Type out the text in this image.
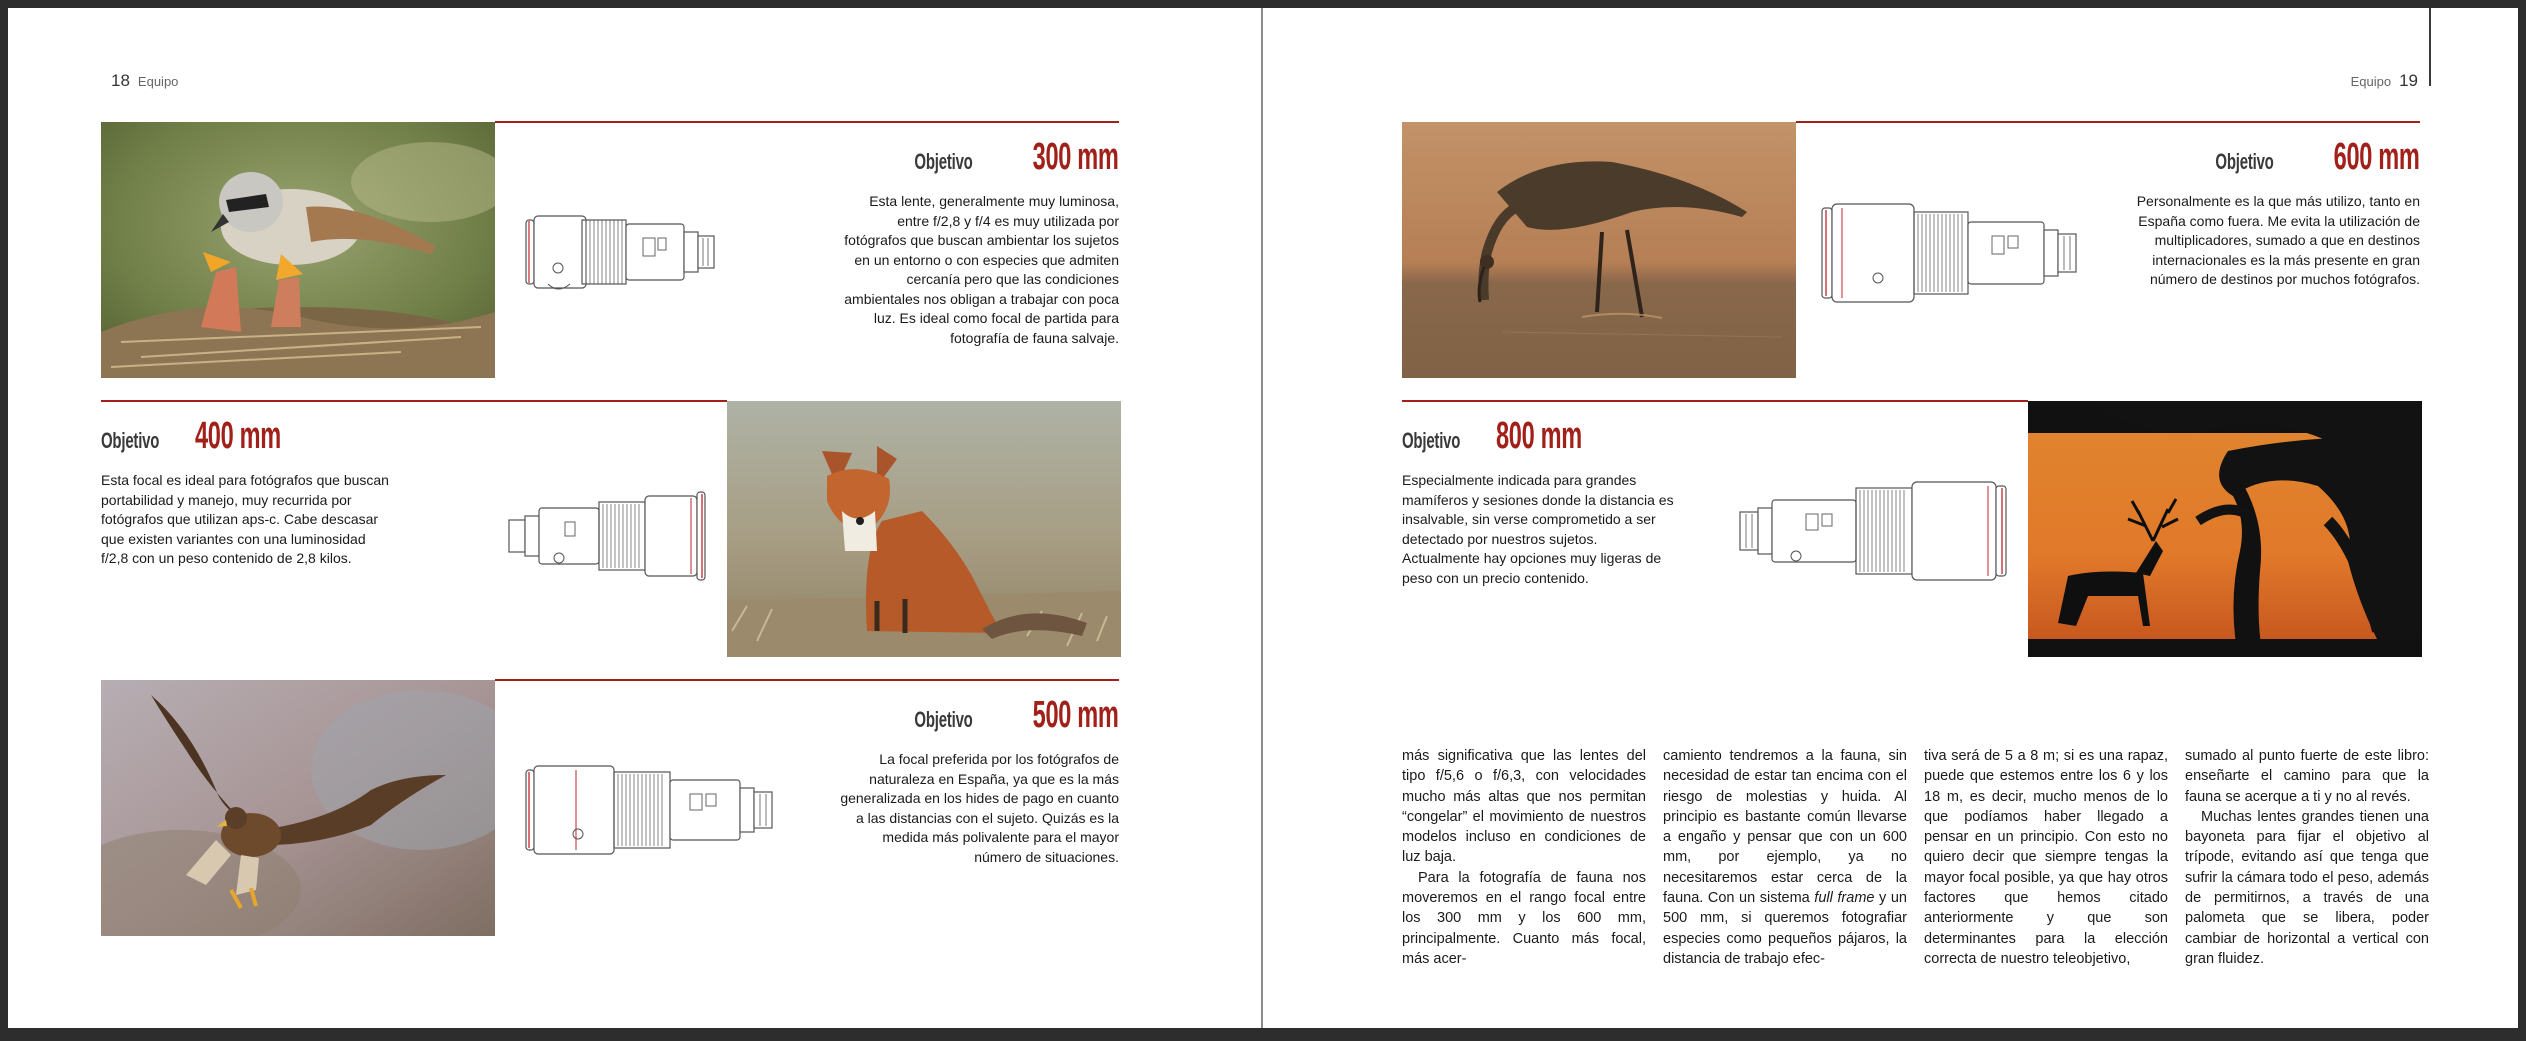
18 Equipo
Objetivo 300 mm
Esta lente, generalmente muy luminosa, entre f/2,8 y f/4 es muy utilizada por fotógrafos que buscan ambientar los sujetos en un entorno o con especies que admiten cercanía pero que las condiciones ambientales nos obligan a trabajar con poca luz. Es ideal como focal de partida para fotografía de fauna salvaje.
Objetivo 400 mm
Esta focal es ideal para fotógrafos que buscan portabilidad y manejo, muy recurrida por fotógrafos que utilizan aps-c. Cabe descasar que existen variantes con una luminosidad f/2,8 con un peso contenido de 2,8 kilos.
Objetivo 500 mm
La focal preferida por los fotógrafos de naturaleza en España, ya que es la más generalizada en los hides de pago en cuanto a las distancias con el sujeto. Quizás es la medida más polivalente para el mayor número de situaciones.
Equipo 19
Objetivo 600 mm
Personalmente es la que más utilizo, tanto en España como fuera. Me evita la utilización de multiplicadores, sumado a que en destinos internacionales es la más presente en gran número de destinos por muchos fotógrafos.
Objetivo 800 mm
Especialmente indicada para grandes mamíferos y sesiones donde la distancia es insalvable, sin verse comprometido a ser detectado por nuestros sujetos. Actualmente hay opciones muy ligeras de peso con un precio contenido.

más significativa que las lentes del tipo f/5,6 o f/6,3, con velocidades mucho más altas que nos permitan “congelar” el movimiento de nuestros modelos incluso en condiciones de luz baja.

Para la fotografía de fauna nos moveremos en el rango focal entre los 300 mm y los 600 mm, principalmente. Cuanto más focal, más acer-

camiento tendremos a la fauna, sin necesidad de estar tan encima con el riesgo de molestias y huida. Al principio es bastante común llevarse a engaño y pensar que con un 600 mm, por ejemplo, ya no necesitaremos estar cerca de la fauna. Con un sistema full frame y un 500 mm, si queremos fotografiar especies como pequeños pájaros, la distancia de trabajo efec-

tiva será de 5 a 8 m; si es una rapaz, puede que estemos entre los 6 y los 18 m, es decir, mucho menos de lo que podíamos haber llegado a pensar en un principio. Con esto no quiero decir que siempre tengas la mayor focal posible, ya que hay otros factores que hemos citado anteriormente y que son determinantes para la elección correcta de nuestro teleobjetivo,

sumado al punto fuerte de este libro: enseñarte el camino para que la fauna se acerque a ti y no al revés.

Muchas lentes grandes tienen una bayoneta para fijar el objetivo al trípode, evitando así que tenga que sufrir la cámara todo el peso, además de permitirnos, a través de una palometa que se libera, poder cambiar de horizontal a vertical con gran fluidez.
